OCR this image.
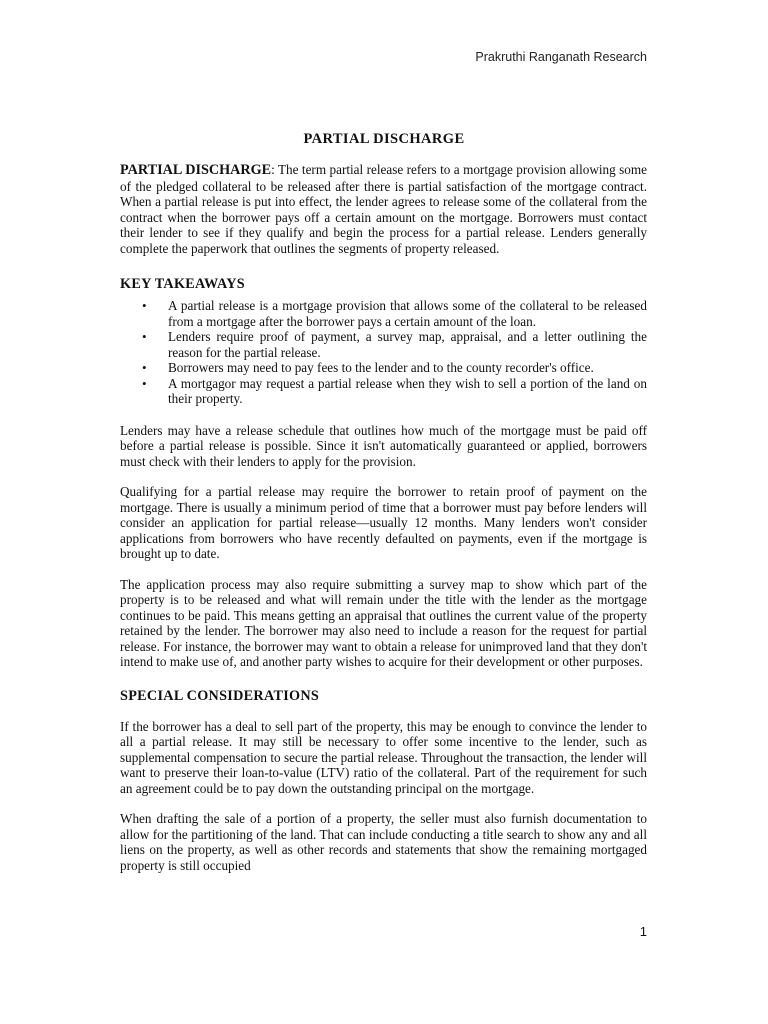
Prakruthi Ranganath Research
PARTIAL DISCHARGE

PARTIAL DISCHARGE: The term partial release refers to a mortgage provision allowing some of the pledged collateral to be released after there is partial satisfaction of the mortgage contract. When a partial release is put into effect, the lender agrees to release some of the collateral from the contract when the borrower pays off a certain amount on the mortgage. Borrowers must contact their lender to see if they qualify and begin the process for a partial release. Lenders generally complete the paperwork that outlines the segments of property released.

KEY TAKEAWAYS
• A partial release is a mortgage provision that allows some of the collateral to be released from a mortgage after the borrower pays a certain amount of the loan.
• Lenders require proof of payment, a survey map, appraisal, and a letter outlining the reason for the partial release.
• Borrowers may need to pay fees to the lender and to the county recorder's office.
• A mortgagor may request a partial release when they wish to sell a portion of the land on their property.

Lenders may have a release schedule that outlines how much of the mortgage must be paid off before a partial release is possible. Since it isn't automatically guaranteed or applied, borrowers must check with their lenders to apply for the provision.

Qualifying for a partial release may require the borrower to retain proof of payment on the mortgage. There is usually a minimum period of time that a borrower must pay before lenders will consider an application for partial release—usually 12 months. Many lenders won't consider applications from borrowers who have recently defaulted on payments, even if the mortgage is brought up to date.

The application process may also require submitting a survey map to show which part of the property is to be released and what will remain under the title with the lender as the mortgage continues to be paid. This means getting an appraisal that outlines the current value of the property retained by the lender. The borrower may also need to include a reason for the request for partial release. For instance, the borrower may want to obtain a release for unimproved land that they don't intend to make use of, and another party wishes to acquire for their development or other purposes.

SPECIAL CONSIDERATIONS

If the borrower has a deal to sell part of the property, this may be enough to convince the lender to all a partial release. It may still be necessary to offer some incentive to the lender, such as supplemental compensation to secure the partial release. Throughout the transaction, the lender will want to preserve their loan-to-value (LTV) ratio of the collateral. Part of the requirement for such an agreement could be to pay down the outstanding principal on the mortgage.

When drafting the sale of a portion of a property, the seller must also furnish documentation to allow for the partitioning of the land. That can include conducting a title search to show any and all liens on the property, as well as other records and statements that show the remaining mortgaged property is still occupied

1
